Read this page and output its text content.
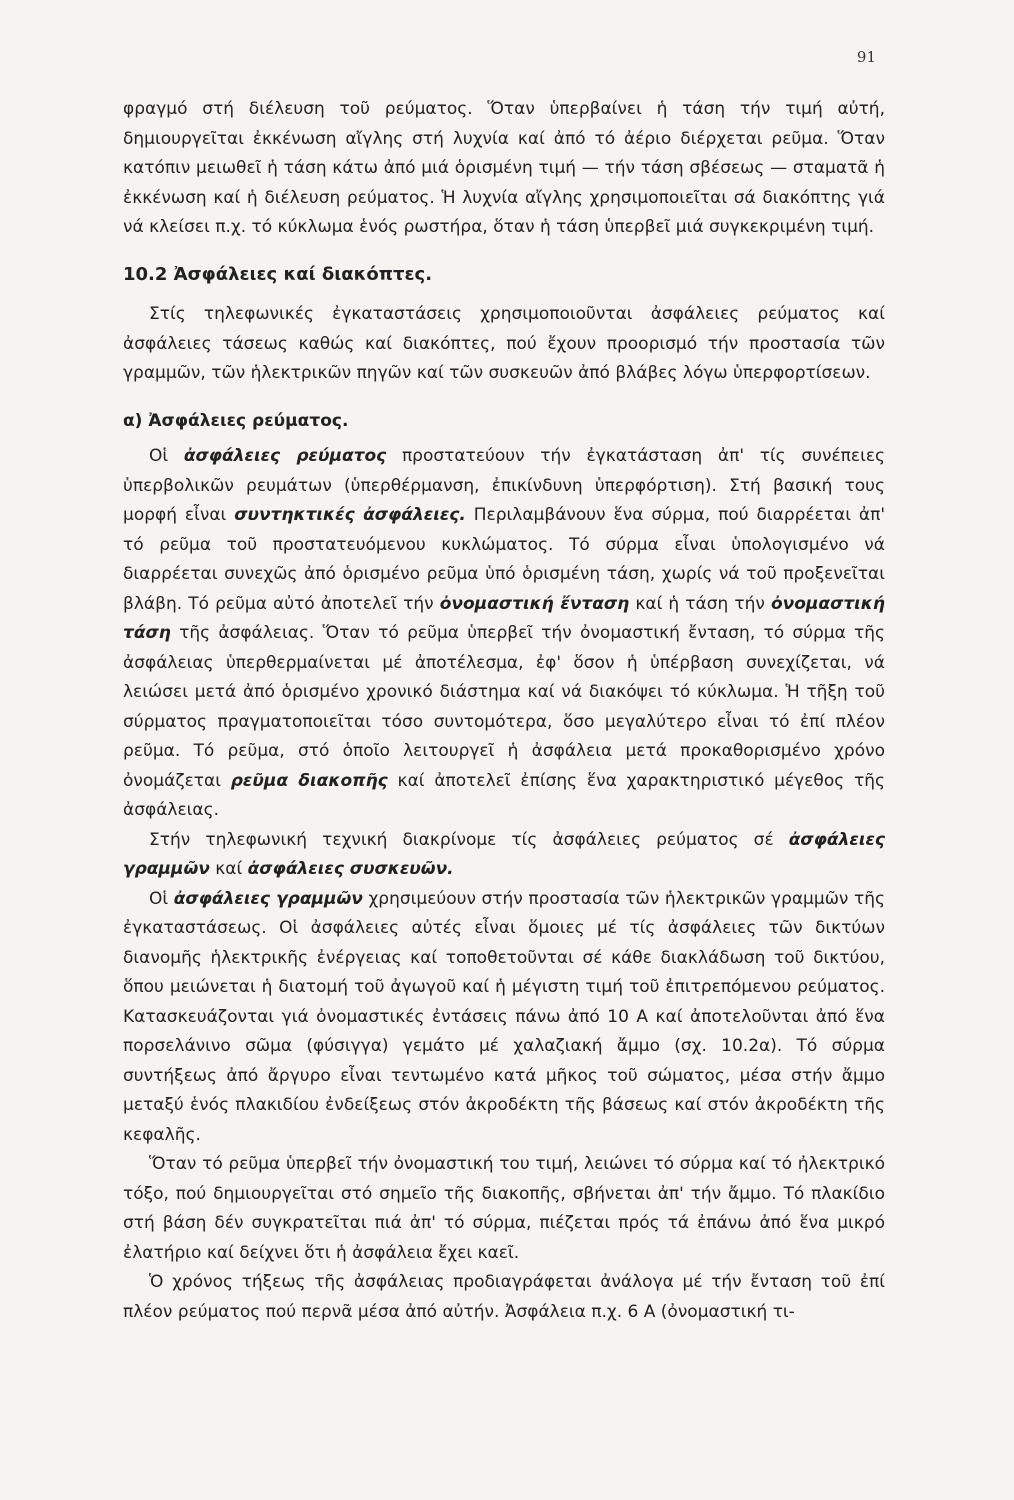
91

φραγμό στή διέλευση τοῦ ρεύματος. Ὅταν ὑπερβαίνει ἡ τάση τήν τιμή αὐτή, δημιουργεῖται ἐκκένωση αἴγλης στή λυχνία καί ἀπό τό ἀέριο διέρχεται ρεῦμα. Ὅταν κατόπιν μειωθεῖ ἡ τάση κάτω ἀπό μιά ὁρισμένη τιμή — τήν τάση σβέσεως — σταματᾶ ἡ ἐκκένωση καί ἡ διέλευση ρεύματος. Ἡ λυχνία αἴγλης χρησιμοποιεῖται σά διακόπτης γιά νά κλείσει π.χ. τό κύκλωμα ἑνός ρωστήρα, ὅταν ἡ τάση ὑπερβεῖ μιά συγκεκριμένη τιμή.

10.2 Ἀσφάλειες καί διακόπτες.

Στίς τηλεφωνικές ἐγκαταστάσεις χρησιμοποιοῦνται ἀσφάλειες ρεύματος καί ἀσφάλειες τάσεως καθώς καί διακόπτες, πού ἔχουν προορισμό τήν προστασία τῶν γραμμῶν, τῶν ἡλεκτρικῶν πηγῶν καί τῶν συσκευῶν ἀπό βλάβες λόγω ὑπερφορτίσεων.

α) Ἀσφάλειες ρεύματος.

Οἱ ἀσφάλειες ρεύματος προστατεύουν τήν ἐγκατάσταση ἀπ' τίς συνέπειες ὑπερβολικῶν ρευμάτων (ὑπερθέρμανση, ἐπικίνδυνη ὑπερφόρτιση). Στή βασική τους μορφή εἶναι συντηκτικές ἀσφάλειες. Περιλαμβάνουν ἕνα σύρμα, πού διαρρέεται ἀπ' τό ρεῦμα τοῦ προστατευόμενου κυκλώματος. Τό σύρμα εἶναι ὑπολογισμένο νά διαρρέεται συνεχῶς ἀπό ὁρισμένο ρεῦμα ὑπό ὁρισμένη τάση, χωρίς νά τοῦ προξενεῖται βλάβη. Τό ρεῦμα αὐτό ἀποτελεῖ τήν ὀνομαστική ἔνταση καί ἡ τάση τήν ὀνομαστική τάση τῆς ἀσφάλειας. Ὅταν τό ρεῦμα ὑπερβεῖ τήν ὀνομαστική ἔνταση, τό σύρμα τῆς ἀσφάλειας ὑπερθερμαίνεται μέ ἀποτέλεσμα, ἐφ' ὅσον ἡ ὑπέρβαση συνεχίζεται, νά λειώσει μετά ἀπό ὁρισμένο χρονικό διάστημα καί νά διακόψει τό κύκλωμα. Ἡ τῆξη τοῦ σύρματος πραγματοποιεῖται τόσο συντομότερα, ὅσο μεγαλύτερο εἶναι τό ἐπί πλέον ρεῦμα. Τό ρεῦμα, στό ὁποῖο λειτουργεῖ ἡ ἀσφάλεια μετά προκαθορισμένο χρόνο ὀνομάζεται ρεῦμα διακοπῆς καί ἀποτελεῖ ἐπίσης ἕνα χαρακτηριστικό μέγεθος τῆς ἀσφάλειας.

Στήν τηλεφωνική τεχνική διακρίνομε τίς ἀσφάλειες ρεύματος σέ ἀσφάλειες γραμμῶν καί ἀσφάλειες συσκευῶν.

Οἱ ἀσφάλειες γραμμῶν χρησιμεύουν στήν προστασία τῶν ἡλεκτρικῶν γραμμῶν τῆς ἐγκαταστάσεως. Οἱ ἀσφάλειες αὐτές εἶναι ὅμοιες μέ τίς ἀσφάλειες τῶν δικτύων διανομῆς ἡλεκτρικῆς ἐνέργειας καί τοποθετοῦνται σέ κάθε διακλάδωση τοῦ δικτύου, ὅπου μειώνεται ἡ διατομή τοῦ ἀγωγοῦ καί ἡ μέγιστη τιμή τοῦ ἐπιτρεπόμενου ρεύματος. Κατασκευάζονται γιά ὀνομαστικές ἐντάσεις πάνω ἀπό 10 Α καί ἀποτελοῦνται ἀπό ἕνα πορσελάνινο σῶμα (φύσιγγα) γεμάτο μέ χαλαζιακή ἄμμο (σχ. 10.2α). Τό σύρμα συντήξεως ἀπό ἄργυρο εἶναι τεντωμένο κατά μῆκος τοῦ σώματος, μέσα στήν ἄμμο μεταξύ ἑνός πλακιδίου ἐνδείξεως στόν ἀκροδέκτη τῆς βάσεως καί στόν ἀκροδέκτη τῆς κεφαλῆς.

Ὅταν τό ρεῦμα ὑπερβεῖ τήν ὀνομαστική του τιμή, λειώνει τό σύρμα καί τό ἠλεκτρικό τόξο, πού δημιουργεῖται στό σημεῖο τῆς διακοπῆς, σβήνεται ἀπ' τήν ἄμμο. Τό πλακίδιο στή βάση δέν συγκρατεῖται πιά ἀπ' τό σύρμα, πιέζεται πρός τά ἐπάνω ἀπό ἕνα μικρό ἐλατήριο καί δείχνει ὅτι ἡ ἀσφάλεια ἔχει καεῖ.

Ὁ χρόνος τήξεως τῆς ἀσφάλειας προδιαγράφεται ἀνάλογα μέ τήν ἔνταση τοῦ ἐπί πλέον ρεύματος πού περνᾶ μέσα ἀπό αὐτήν. Ἀσφάλεια π.χ. 6 Α (ὀνομαστική τι-
